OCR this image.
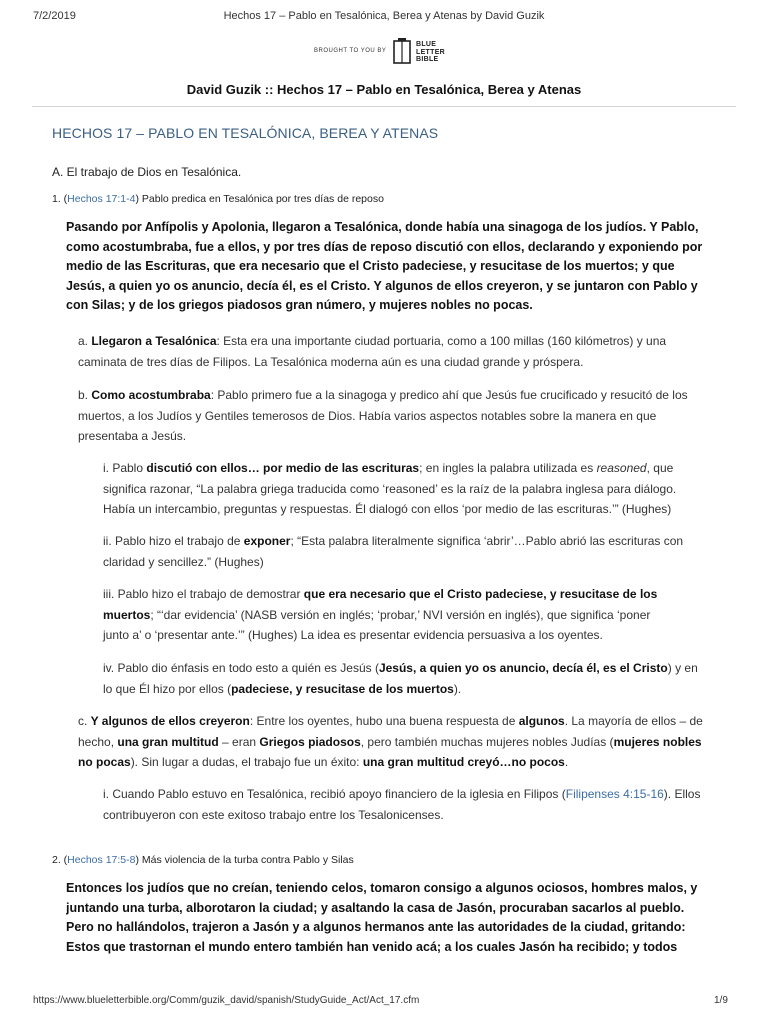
7/2/2019	Hechos 17 – Pablo en Tesalónica, Berea y Atenas by David Guzik
BROUGHT TO YOU BY
BLUE
LETTER
BIBLE
David Guzik :: Hechos 17 – Pablo en Tesalónica, Berea y Atenas
HECHOS 17 – PABLO EN TESALÓNICA, BEREA Y ATENAS
A. El trabajo de Dios en Tesalónica.
1. (Hechos 17:1-4) Pablo predica en Tesalónica por tres días de reposo
Pasando por Anfípolis y Apolonia, llegaron a Tesalónica, donde había una sinagoga de los judíos. Y Pablo, como acostumbraba, fue a ellos, y por tres días de reposo discutió con ellos, declarando y exponiendo por medio de las Escrituras, que era necesario que el Cristo padeciese, y resucitase de los muertos; y que Jesús, a quien yo os anuncio, decía él, es el Cristo. Y algunos de ellos creyeron, y se juntaron con Pablo y con Silas; y de los griegos piadosos gran número, y mujeres nobles no pocas.
a. Llegaron a Tesalónica: Esta era una importante ciudad portuaria, como a 100 millas (160 kilómetros) y una caminata de tres días de Filipos. La Tesalónica moderna aún es una ciudad grande y próspera.
b. Como acostumbraba: Pablo primero fue a la sinagoga y predico ahí que Jesús fue crucificado y resucitó de los muertos, a los Judíos y Gentiles temerosos de Dios. Había varios aspectos notables sobre la manera en que presentaba a Jesús.
i. Pablo discutió con ellos… por medio de las escrituras; en ingles la palabra utilizada es reasoned, que significa razonar, “La palabra griega traducida como ‘reasoned’ es la raíz de la palabra inglesa para diálogo. Había un intercambio, preguntas y respuestas. Él dialogó con ellos ‘por medio de las escrituras.’” (Hughes)
ii. Pablo hizo el trabajo de exponer; “Esta palabra literalmente significa ‘abrir’…Pablo abrió las escrituras con claridad y sencillez.” (Hughes)
iii. Pablo hizo el trabajo de demostrar que era necesario que el Cristo padeciese, y resucitase de los muertos; “‘dar evidencia’ (NASB versión en inglés; ‘probar,’ NVI versión en inglés), que significa ‘poner junto a’ o ‘presentar ante.’” (Hughes) La idea es presentar evidencia persuasiva a los oyentes.
iv. Pablo dio énfasis en todo esto a quién es Jesús (Jesús, a quien yo os anuncio, decía él, es el Cristo) y en lo que Él hizo por ellos (padeciese, y resucitase de los muertos).
c. Y algunos de ellos creyeron: Entre los oyentes, hubo una buena respuesta de algunos. La mayoría de ellos – de hecho, una gran multitud – eran Griegos piadosos, pero también muchas mujeres nobles Judías (mujeres nobles no pocas). Sin lugar a dudas, el trabajo fue un éxito: una gran multitud creyó…no pocos.
i. Cuando Pablo estuvo en Tesalónica, recibió apoyo financiero de la iglesia en Filipos (Filipenses 4:15-16). Ellos contribuyeron con este exitoso trabajo entre los Tesalonicenses.
2. (Hechos 17:5-8) Más violencia de la turba contra Pablo y Silas
Entonces los judíos que no creían, teniendo celos, tomaron consigo a algunos ociosos, hombres malos, y juntando una turba, alborotaron la ciudad; y asaltando la casa de Jasón, procuraban sacarlos al pueblo. Pero no hallándolos, trajeron a Jasón y a algunos hermanos ante las autoridades de la ciudad, gritando: Estos que trastornan el mundo entero también han venido acá; a los cuales Jasón ha recibido; y todos
https://www.blueletterbible.org/Comm/guzik_david/spanish/StudyGuide_Act/Act_17.cfm	1/9
